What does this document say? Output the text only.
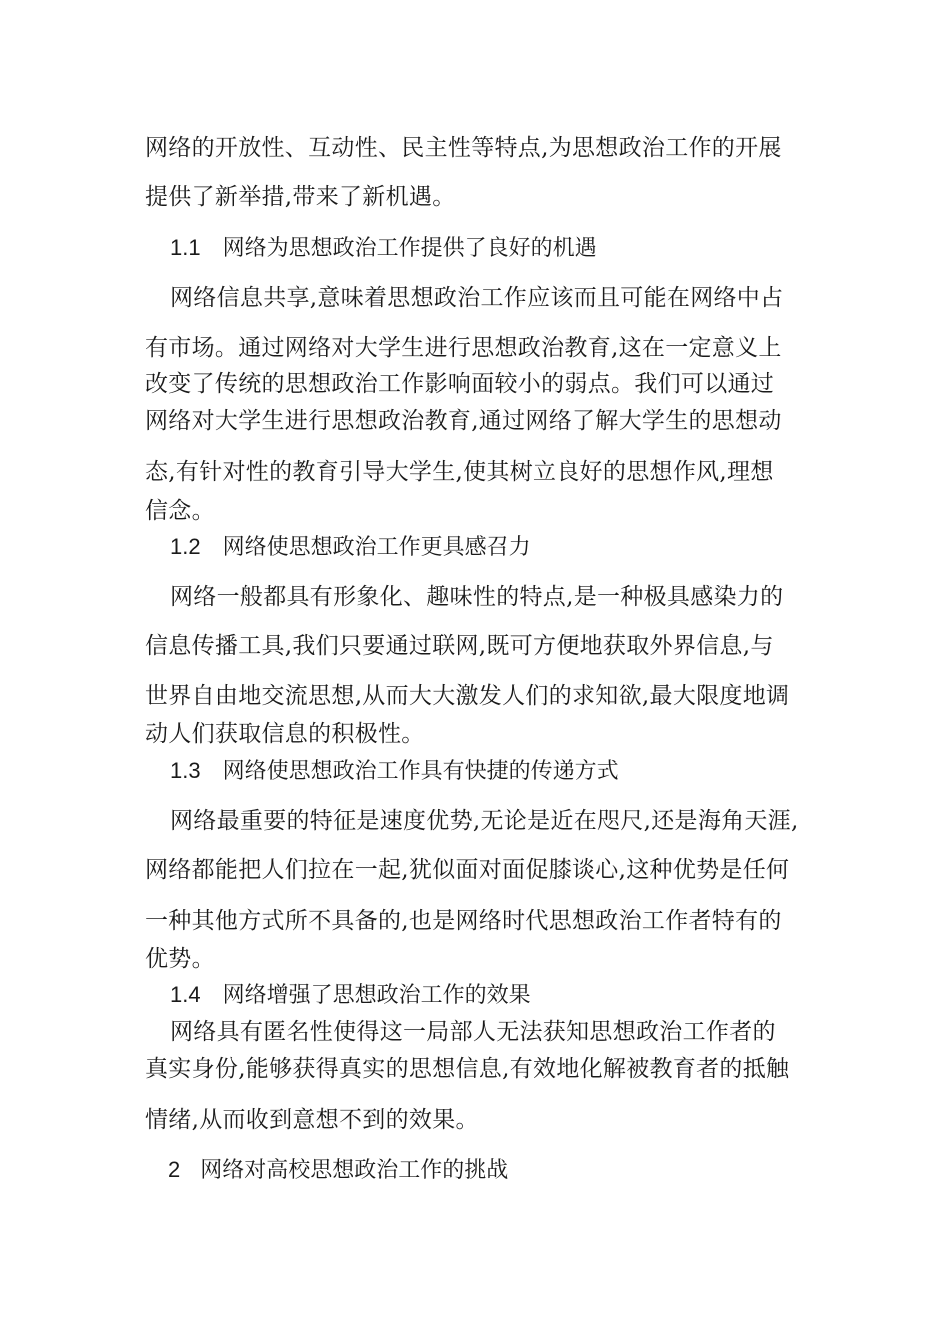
网络的开放性、互动性、民主性等特点,为思想政治工作的开展
提供了新举措,带来了新机遇。
1.1 网络为思想政治工作提供了良好的机遇
网络信息共享,意味着思想政治工作应该而且可能在网络中占
有市场。通过网络对大学生进行思想政治教育,这在一定意义上
改变了传统的思想政治工作影响面较小的弱点。我们可以通过
网络对大学生进行思想政治教育,通过网络了解大学生的思想动
态,有针对性的教育引导大学生,使其树立良好的思想作风,理想
信念。
1.2 网络使思想政治工作更具感召力
网络一般都具有形象化、趣味性的特点,是一种极具感染力的
信息传播工具,我们只要通过联网,既可方便地获取外界信息,与
世界自由地交流思想,从而大大激发人们的求知欲,最大限度地调
动人们获取信息的积极性。
1.3 网络使思想政治工作具有快捷的传递方式
网络最重要的特征是速度优势,无论是近在咫尺,还是海角天涯,
网络都能把人们拉在一起,犹似面对面促膝谈心,这种优势是任何
一种其他方式所不具备的,也是网络时代思想政治工作者特有的
优势。
1.4 网络增强了思想政治工作的效果
网络具有匿名性使得这一局部人无法获知思想政治工作者的
真实身份,能够获得真实的思想信息,有效地化解被教育者的抵触
情绪,从而收到意想不到的效果。
2 网络对高校思想政治工作的挑战
